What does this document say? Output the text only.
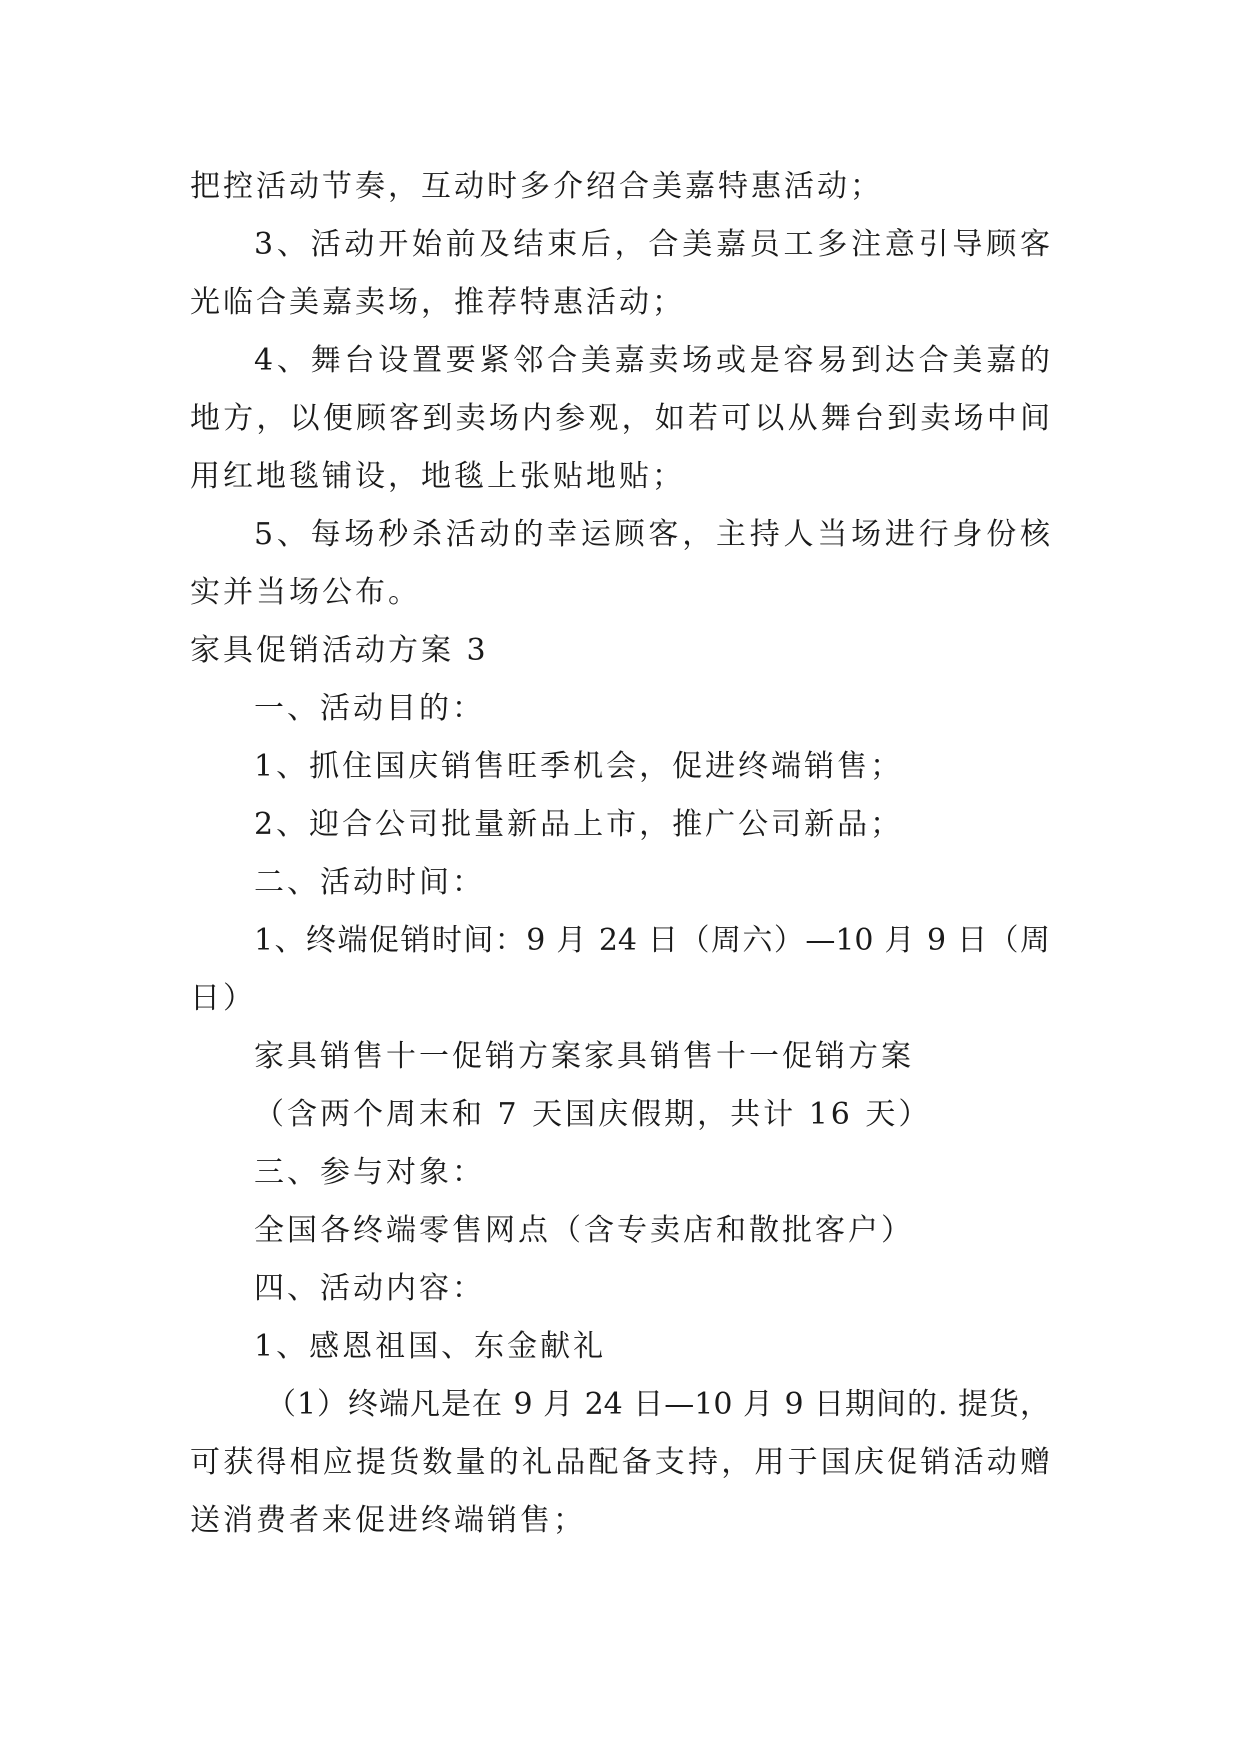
把控活动节奏，互动时多介绍合美嘉特惠活动；
3、活动开始前及结束后，合美嘉员工多注意引导顾客
光临合美嘉卖场，推荐特惠活动；
4、舞台设置要紧邻合美嘉卖场或是容易到达合美嘉的
地方，以便顾客到卖场内参观，如若可以从舞台到卖场中间
用红地毯铺设，地毯上张贴地贴；
5、每场秒杀活动的幸运顾客，主持人当场进行身份核
实并当场公布。
家具促销活动方案 3
一、活动目的：
1、抓住国庆销售旺季机会，促进终端销售；
2、迎合公司批量新品上市，推广公司新品；
二、活动时间：
1、终端促销时间：9 月 24 日（周六）—10 月 9 日（周
日）
家具销售十一促销方案家具销售十一促销方案
（含两个周末和 7 天国庆假期，共计 16 天）
三、参与对象：
全国各终端零售网点（含专卖店和散批客户）
四、活动内容：
1、感恩祖国、东金献礼
（1）终端凡是在 9 月 24 日—10 月 9 日期间的. 提货，
可获得相应提货数量的礼品配备支持，用于国庆促销活动赠
送消费者来促进终端销售；
